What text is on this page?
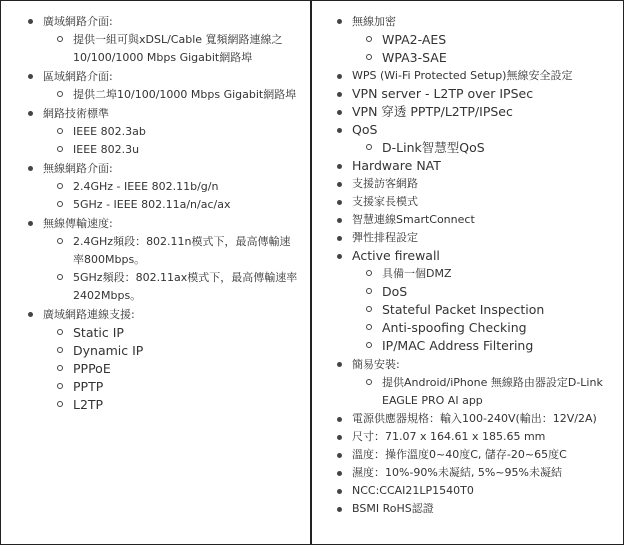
廣域網路介面:
提供一組可與xDSL/Cable 寬頻網路連線之10/100/1000 Mbps Gigabit網路埠
區域網路介面:
提供二埠10/100/1000 Mbps Gigabit網路埠
網路技術標準
IEEE 802.3ab
IEEE 802.3u
無線網路介面:
2.4GHz - IEEE 802.11b/g/n
5GHz - IEEE 802.11a/n/ac/ax
無線傳輸速度:
2.4GHz頻段：802.11n模式下，最高傳輸速率800Mbps。
5GHz頻段：802.11ax模式下，最高傳輸速率2402Mbps。
廣域網路連線支援:
Static IP
Dynamic IP
PPPoE
PPTP
L2TP
無線加密
WPA2-AES
WPA3-SAE
WPS (Wi-Fi Protected Setup)無線安全設定
VPN server - L2TP over IPSec
VPN 穿透 PPTP/L2TP/IPSec
QoS
D-Link智慧型QoS
Hardware NAT
支援訪客網路
支援家長模式
智慧連線SmartConnect
彈性排程設定
Active firewall
具備一個DMZ
DoS
Stateful Packet Inspection
Anti-spoofing Checking
IP/MAC Address Filtering
簡易安裝:
提供Android/iPhone 無線路由器設定D-Link EAGLE PRO AI app
電源供應器規格：輸入100-240V(輸出：12V/2A)
尺寸：71.07 x 164.61 x 185.65 mm
溫度：操作溫度0~40度C, 儲存-20~65度C
濕度：10%-90%未凝結, 5%~95%未凝結
NCC:CCAI21LP1540T0
BSMI RoHS認證
